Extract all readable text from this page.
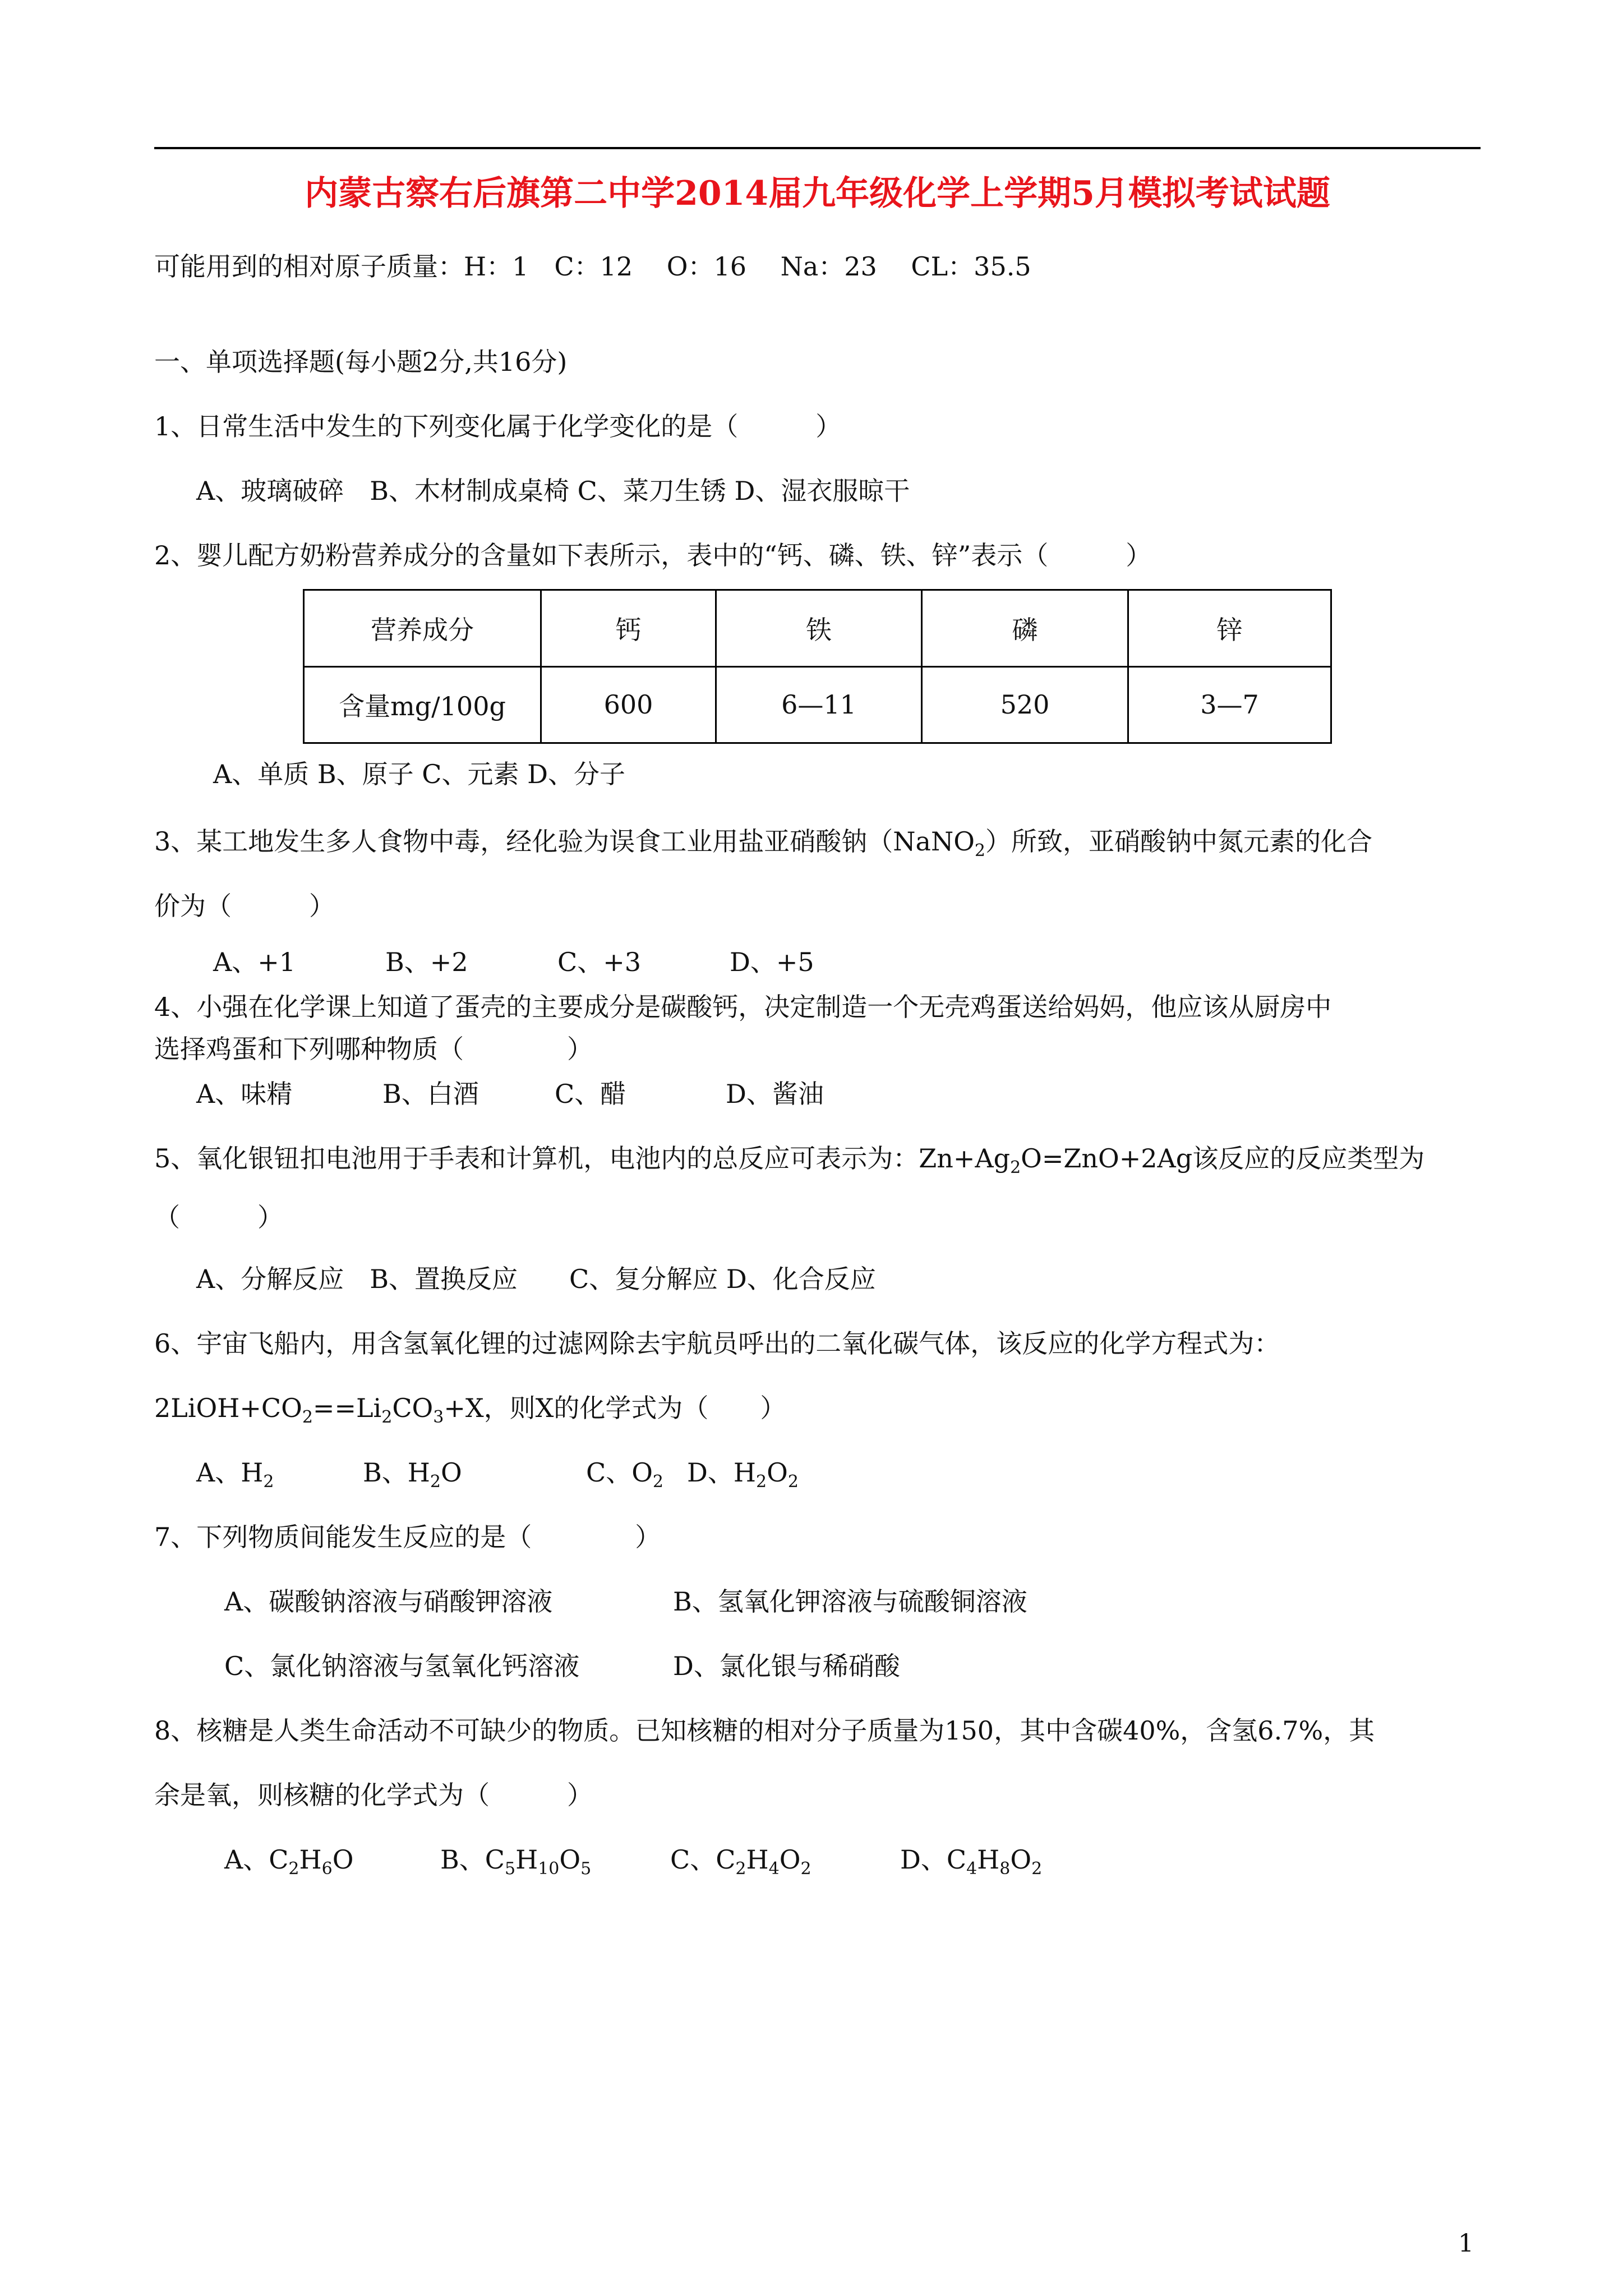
内蒙古察右后旗第二中学2014届九年级化学上学期5月模拟考试试题
可能用到的相对原子质量：H：1　C：12　 O：16　 Na：23　 CL：35.5
一、单项选择题(每小题2分,共16分)
1、日常生活中发生的下列变化属于化学变化的是（　　　）
A、玻璃破碎　B、木材制成桌椅 C、菜刀生锈 D、湿衣服晾干
2、婴儿配方奶粉营养成分的含量如下表所示，表中的“钙、磷、铁、锌”表示（　　　）
营养成分	钙	铁	磷	锌
含量mg/100g	600	6—11	520	3—7
A、单质 B、原子 C、元素 D、分子
3、某工地发生多人食物中毒，经化验为误食工业用盐亚硝酸钠（NaNO$_2$）所致，亚硝酸钠中氮元素的化合
价为（　　　）
A、+1	B、+2	C、+3	D、+5
4、小强在化学课上知道了蛋壳的主要成分是碳酸钙，决定制造一个无壳鸡蛋送给妈妈，他应该从厨房中
选择鸡蛋和下列哪种物质（　　　　）
A、味精	B、白酒	C、醋	D、酱油
5、氧化银钮扣电池用于手表和计算机，电池内的总反应可表示为：$Zn+Ag_2O=ZnO+2Ag$该反应的反应类型为
（　　　）
A、分解反应　B、置换反应　　C、复分解应 D、化合反应
6、宇宙飞船内，用含氢氧化锂的过滤网除去宇航员呼出的二氧化碳气体，该反应的化学方程式为：
$2LiOH+CO_2==Li_2CO_3+X$，则X的化学式为（　　）
A、$H_2$	B、$H_2O$	C、$O_2$ D、$H_2O_2$
7、下列物质间能发生反应的是（　　　　）
A、碳酸钠溶液与硝酸钾溶液	B、氢氧化钾溶液与硫酸铜溶液
C、氯化钠溶液与氢氧化钙溶液	D、氯化银与稀硝酸
8、核糖是人类生命活动不可缺少的物质。已知核糖的相对分子质量为150，其中含碳40%，含氢6.7%，其
余是氧，则核糖的化学式为（　　　）
A、$C_2H_6O$	B、$C_5H_{10}O_5$	C、$C_2H_4O_2$	D、$C_4H_8O_2$
1
